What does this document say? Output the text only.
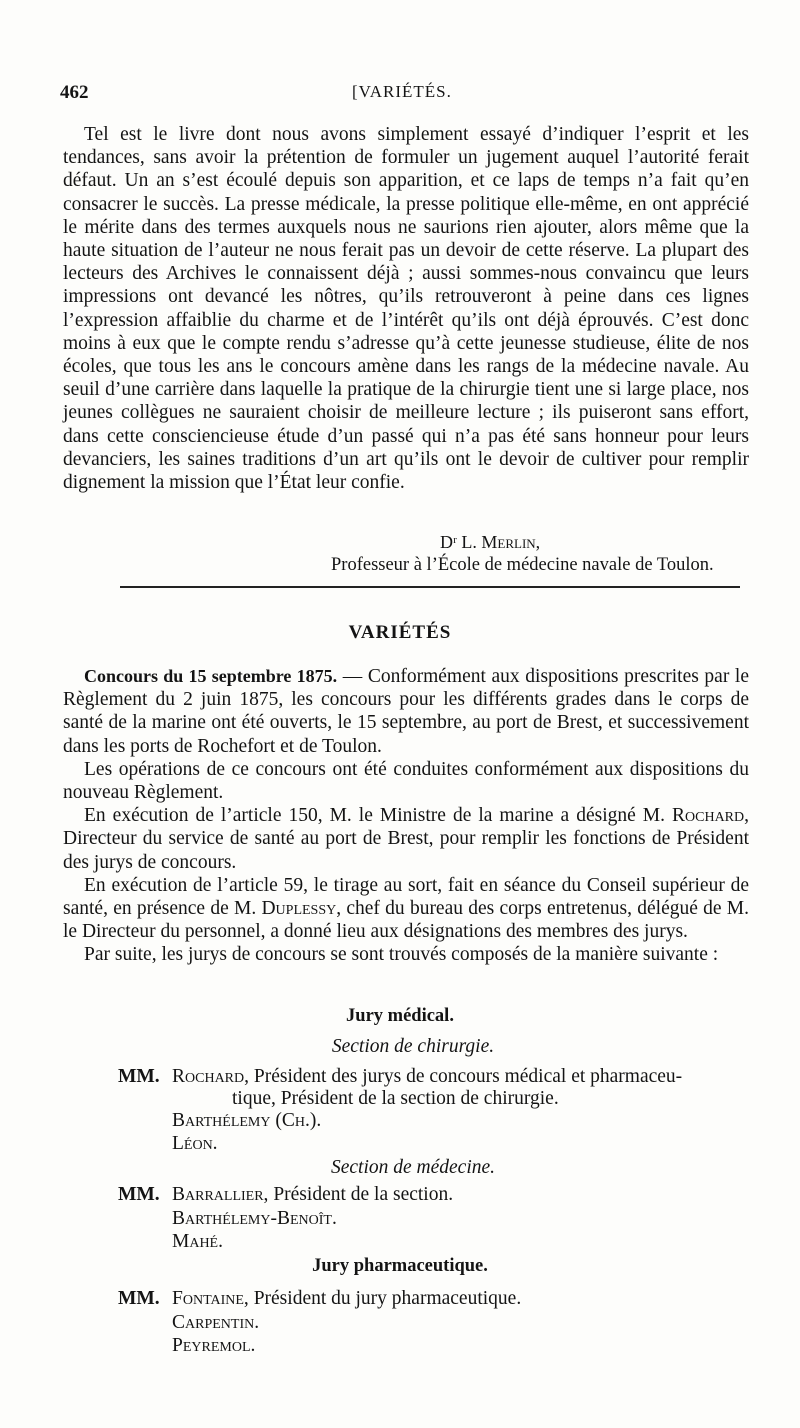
462	[VARIÉTÉS.

Tel est le livre dont nous avons simplement essayé d’indiquer l’esprit et les tendances, sans avoir la prétention de formuler un jugement auquel l’autorité ferait défaut. Un an s’est écoulé depuis son apparition, et ce laps de temps n’a fait qu’en consacrer le succès. La presse médicale, la presse politique elle-même, en ont apprécié le mérite dans des termes auxquels nous ne saurions rien ajouter, alors même que la haute situation de l’auteur ne nous ferait pas un devoir de cette réserve. La plupart des lecteurs des Archives le connaissent déjà ; aussi sommes-nous convaincu que leurs impressions ont devancé les nôtres, qu’ils retrouveront à peine dans ces lignes l’expression affaiblie du charme et de l’intérêt qu’ils ont déjà éprouvés. C’est donc moins à eux que le compte rendu s’adresse qu’à cette jeunesse studieuse, élite de nos écoles, que tous les ans le concours amène dans les rangs de la médecine navale. Au seuil d’une carrière dans laquelle la pratique de la chirurgie tient une si large place, nos jeunes collègues ne sauraient choisir de meilleure lecture ; ils puiseront sans effort, dans cette consciencieuse étude d’un passé qui n’a pas été sans honneur pour leurs devanciers, les saines traditions d’un art qu’ils ont le devoir de cultiver pour remplir dignement la mission que l’État leur confie.

Dʳ L. Merlin,
Professeur à l’École de médecine navale de Toulon.
VARIÉTÉS

Concours du 15 septembre 1875. — Conformément aux dispositions prescrites par le Règlement du 2 juin 1875, les concours pour les différents grades dans le corps de santé de la marine ont été ouverts, le 15 septembre, au port de Brest, et successivement dans les ports de Rochefort et de Toulon.

Les opérations de ce concours ont été conduites conformément aux dispositions du nouveau Règlement.

En exécution de l’article 150, M. le Ministre de la marine a désigné M. Rochard, Directeur du service de santé au port de Brest, pour remplir les fonctions de Président des jurys de concours.

En exécution de l’article 59, le tirage au sort, fait en séance du Conseil supérieur de santé, en présence de M. Duplessy, chef du bureau des corps entretenus, délégué de M. le Directeur du personnel, a donné lieu aux désignations des membres des jurys.

Par suite, les jurys de concours se sont trouvés composés de la manière suivante :

Jury médical.
Section de chirurgie.
MM. Rochard, Président des jurys de concours médical et pharmaceu-
tique, Président de la section de chirurgie.
Barthélemy (Ch.).
Léon.
Section de médecine.
MM. Barrallier, Président de la section.
Barthélemy-Benoît.
Mahé.
Jury pharmaceutique.
MM. Fontaine, Président du jury pharmaceutique.
Carpentin.
Peyremol.
